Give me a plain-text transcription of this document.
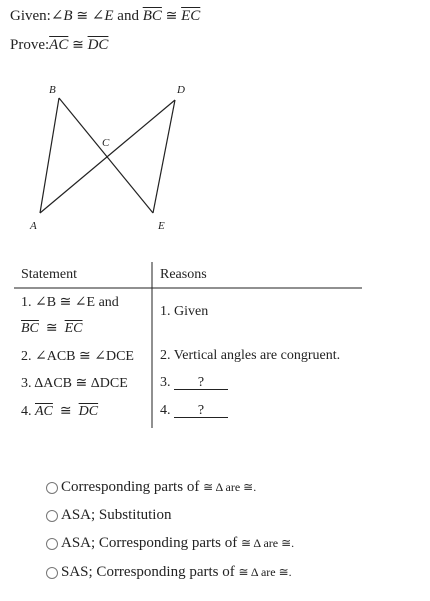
Given:∠B ≅ ∠E and $\overline{BC}$ ≅ $\overline{EC}$
$Prove:\overline{AC}$ ≅ $\overline{DC}$
B	D
C
A	E
Statement	Reasons
1. ∠B ≅ ∠E and
$\overline{BC}$ ≅ $\overline{EC}$
1. Given
2. ∠ACB ≅ ∠DCE 2. Vertical angles are congruent.
3. ΔACB ≅ ΔDCE 3. ?
4. $\overline{AC}$ ≅ $\overline{DC}$	4. ?
Corresponding parts of
≅ Δ are ≅.
ASA; Substitution
ASA; Corresponding parts of
≅ Δ are ≅.
SAS; Corresponding parts of
≅ Δ are ≅.
